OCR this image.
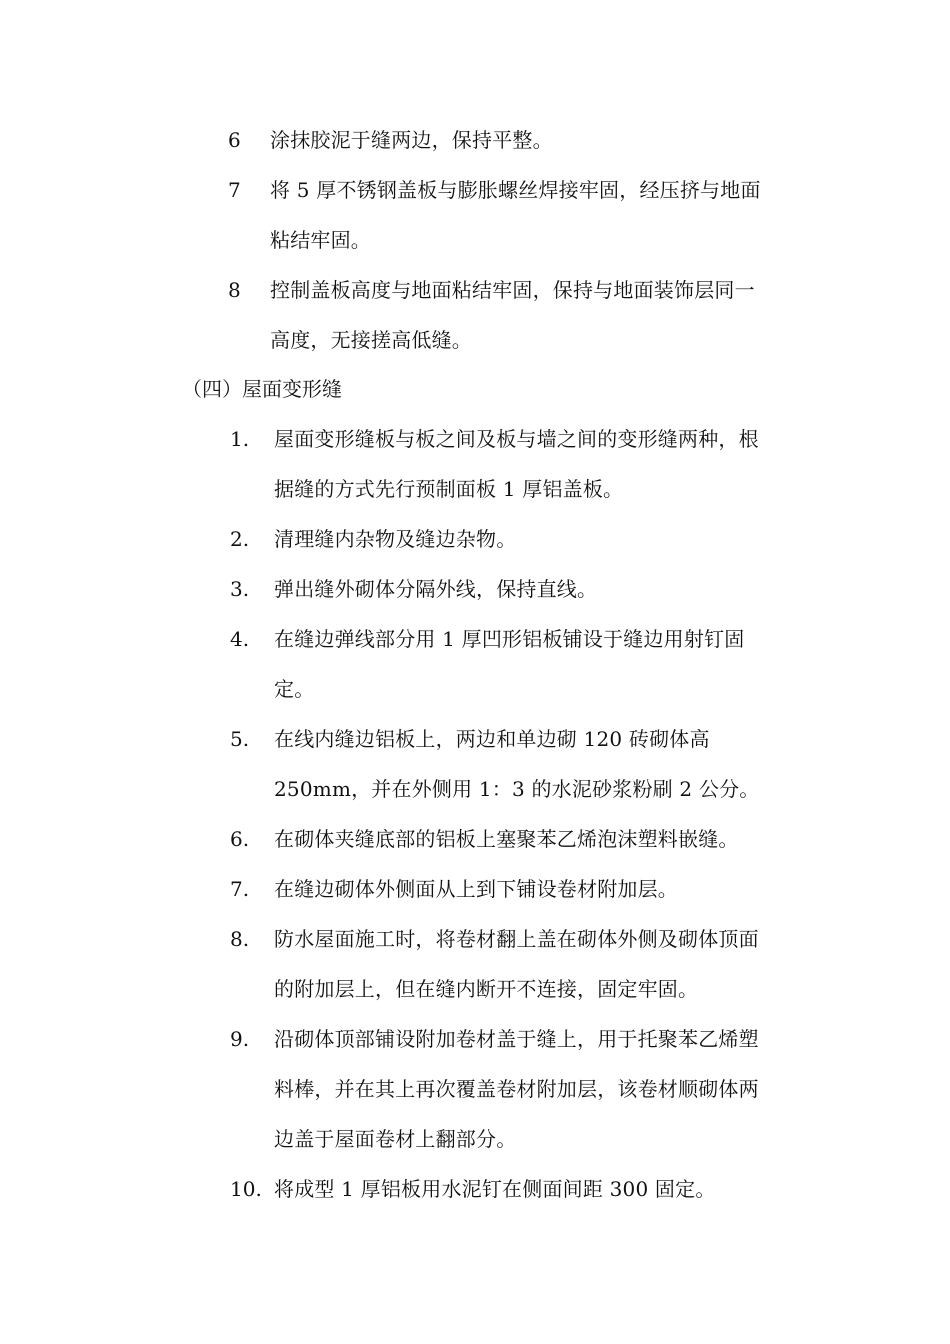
6 涂抹胶泥于缝两边，保持平整。
7 将 5 厚不锈钢盖板与膨胀螺丝焊接牢固，经压挤与地面
粘结牢固。
8 控制盖板高度与地面粘结牢固，保持与地面装饰层同一
高度，无接搓高低缝。
（四）屋面变形缝
1. 屋面变形缝板与板之间及板与墙之间的变形缝两种，根
据缝的方式先行预制面板 1 厚铝盖板。
2. 清理缝内杂物及缝边杂物。
3. 弹出缝外砌体分隔外线，保持直线。
4. 在缝边弹线部分用 1 厚凹形铝板铺设于缝边用射钉固
定。
5. 在线内缝边铝板上，两边和单边砌 120 砖砌体高
250mm，并在外侧用 1：3 的水泥砂浆粉刷 2 公分。
6. 在砌体夹缝底部的铝板上塞聚苯乙烯泡沫塑料嵌缝。
7. 在缝边砌体外侧面从上到下铺设卷材附加层。
8. 防水屋面施工时，将卷材翻上盖在砌体外侧及砌体顶面
的附加层上，但在缝内断开不连接，固定牢固。
9. 沿砌体顶部铺设附加卷材盖于缝上，用于托聚苯乙烯塑
料棒，并在其上再次覆盖卷材附加层，该卷材顺砌体两
边盖于屋面卷材上翻部分。
10. 将成型 1 厚铝板用水泥钉在侧面间距 300 固定。
